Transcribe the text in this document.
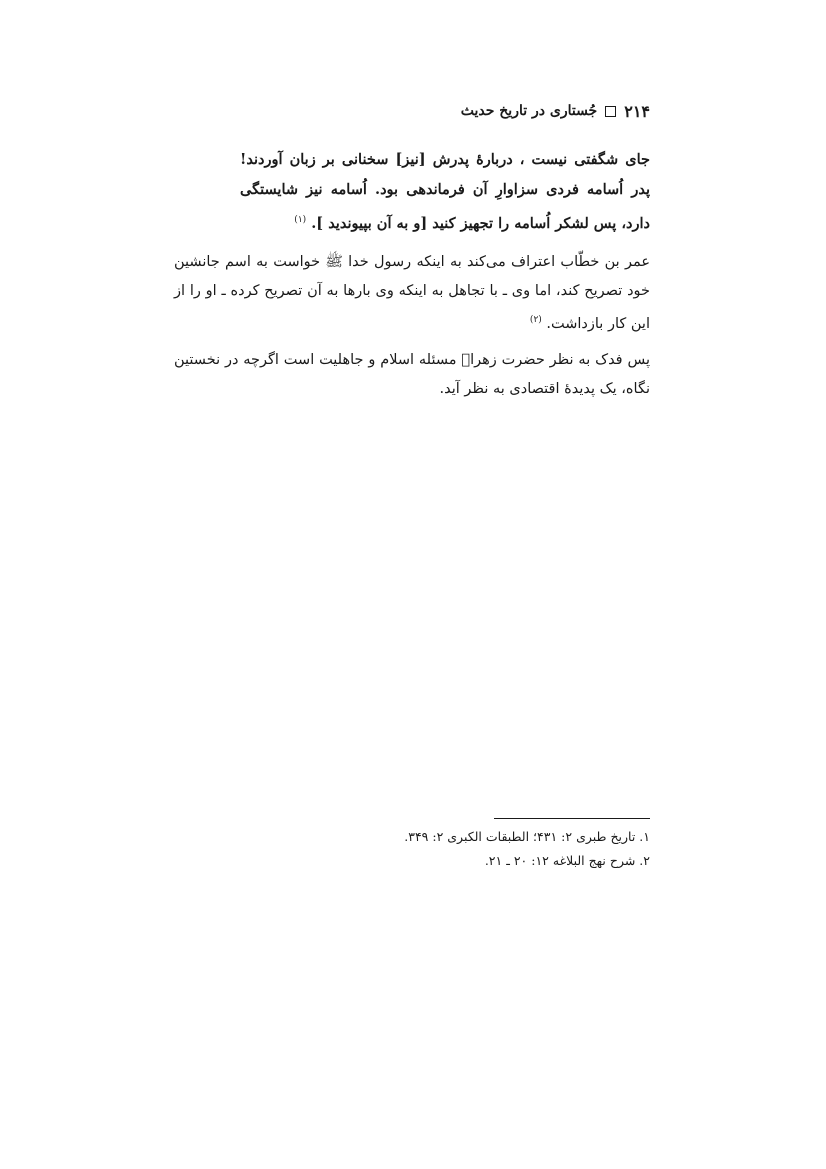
۲۱۴
جُستاری در تاریخ حدیث
جای شگفتی نیست ، دربارهٔ پدرش [نیز] سخنانی بر زبان آوردند! پدر اُسامه فردی سزاوارِ آن فرماندهی بود. اُسامه نیز شایستگی دارد، پس لشکر اُسامه را تجهیز کنید [و به آن بپیوندید ]. $^{(۱)}$
عمر بن خطّاب اعتراف می‌کند به اینکه رسول خدا ﷺ خواست به اسم جانشین خود تصریح کند، اما وی ـ با تجاهل به اینکه وی بارها به آن تصریح کرده ـ او را از این کار بازداشت. $^{(۲)}$
پس فدک به نظر حضرت زهرا﷑ مسئله اسلام و جاهلیت است اگرچه در نخستین نگاه، یک پدیدهٔ اقتصادی به نظر آید.
۱. تاریخ طبری ۲: ۴۳۱؛ الطبقات الکبری ۲: ۳۴۹.
۲. شرح نهج البلاغه ۱۲: ۲۰ ـ ۲۱.
